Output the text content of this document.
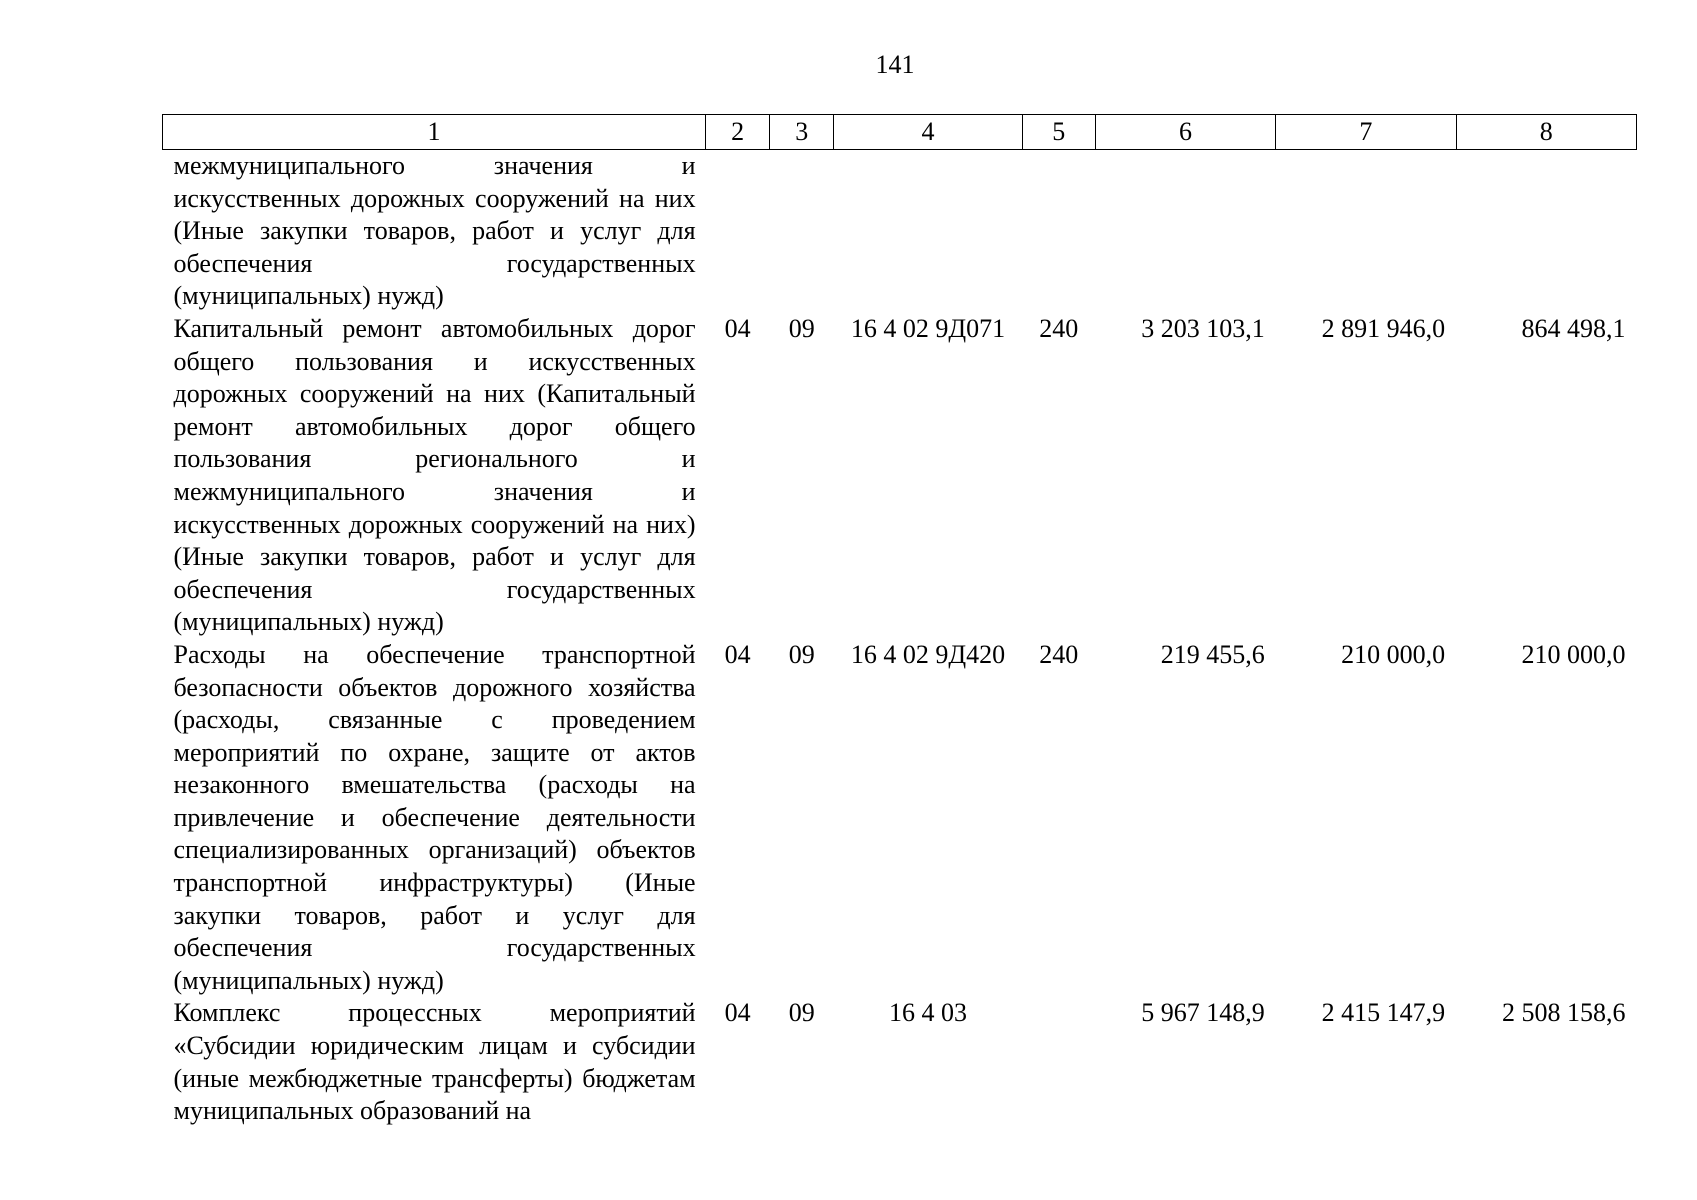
141
1	2	3	4	5	6	7	8
межмуниципального значения и искусственных дорожных сооружений на них (Иные закупки товаров, работ и услуг для обеспечения государственных (муниципальных) нужд)							
Капитальный ремонт автомобильных дорог общего пользования и искусственных дорожных сооружений на них (Капитальный ремонт автомобильных дорог общего пользования регионального и межмуниципального значения и искусственных дорожных сооружений на них) (Иные закупки товаров, работ и услуг для обеспечения государственных (муниципальных) нужд)	04	09	16 4 02 9Д071	240	3 203 103,1	2 891 946,0	864 498,1
Расходы на обеспечение транспортной безопасности объектов дорожного хозяйства (расходы, связанные с проведением мероприятий по охране, защите от актов незаконного вмешательства (расходы на привлечение и обеспечение деятельности специализированных организаций) объектов транспортной инфраструктуры) (Иные закупки товаров, работ и услуг для обеспечения государственных (муниципальных) нужд)	04	09	16 4 02 9Д420	240	219 455,6	210 000,0	210 000,0
Комплекс процессных мероприятий «Субсидии юридическим лицам и субсидии (иные межбюджетные трансферты) бюджетам муниципальных образований на	04	09	16 4 03		5 967 148,9	2 415 147,9	2 508 158,6
